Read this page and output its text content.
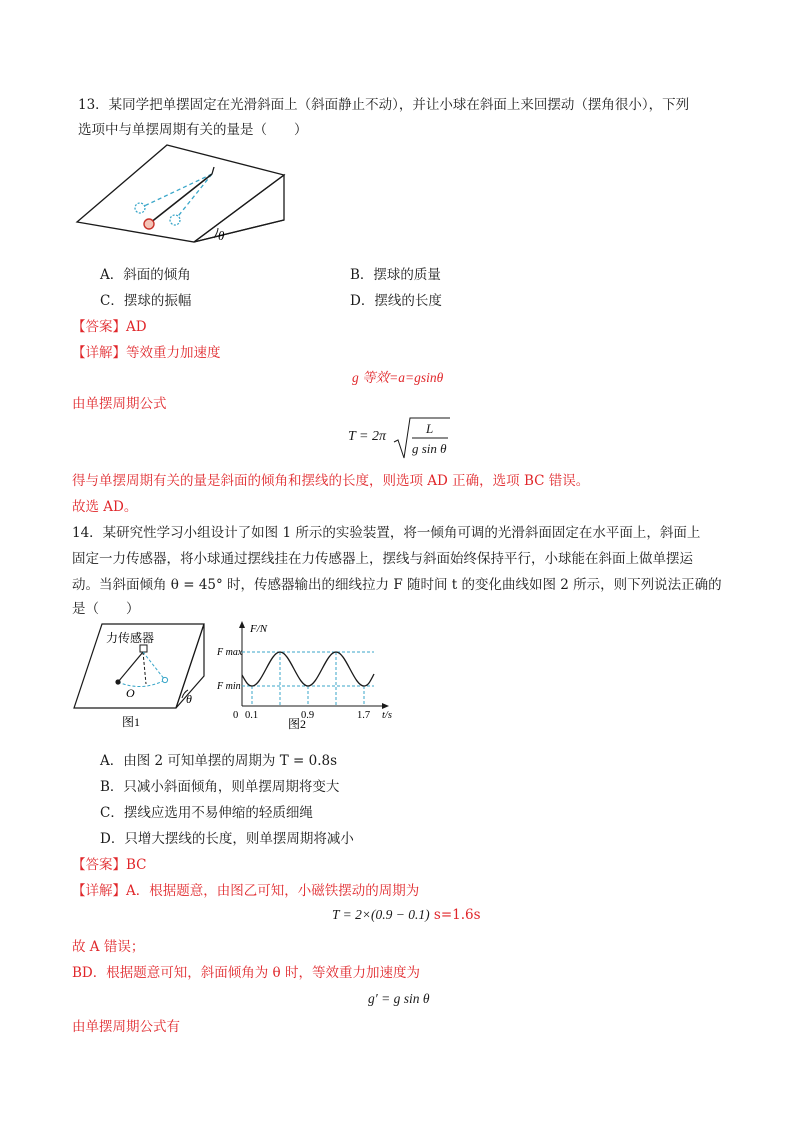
13．某同学把单摆固定在光滑斜面上（斜面静止不动），并让小球在斜面上来回摆动（摆角很小），下列
选项中与单摆周期有关的量是（　　）
θ
A．斜面的倾角	B．摆球的质量
C．摆球的振幅	D．摆线的长度
【答案】AD
【详解】等效重力加速度
g 等效=a=gsinθ
由单摆周期公式
T = 2π
L
g sin θ
得与单摆周期有关的量是斜面的倾角和摆线的长度，则选项 AD 正确，选项 BC 错误。
故选 AD。
14．某研究性学习小组设计了如图 1 所示的实验装置，将一倾角可调的光滑斜面固定在水平面上，斜面上
固定一力传感器，将小球通过摆线挂在力传感器上，摆线与斜面始终保持平行，小球能在斜面上做单摆运
动。当斜面倾角 θ = 45° 时，传感器输出的细线拉力 F 随时间 t 的变化曲线如图 2 所示，则下列说法正确的
是（　　）
力传感器
O	θ
图1
F/N
F max
F min
0 0.1	0.9	1.7 t/s
图2
A．由图 2 可知单摆的周期为 T = 0.8s
B．只减小斜面倾角，则单摆周期将变大
C．摆线应选用不易伸缩的轻质细绳
D．只增大摆线的长度，则单摆周期将减小
【答案】BC
【详解】A．根据题意，由图乙可知，小磁铁摆动的周期为
T = 2×(0.9 − 0.1) s=1.6s
故 A 错误；
BD．根据题意可知，斜面倾角为 θ 时，等效重力加速度为
g′ = g sin θ
由单摆周期公式有
